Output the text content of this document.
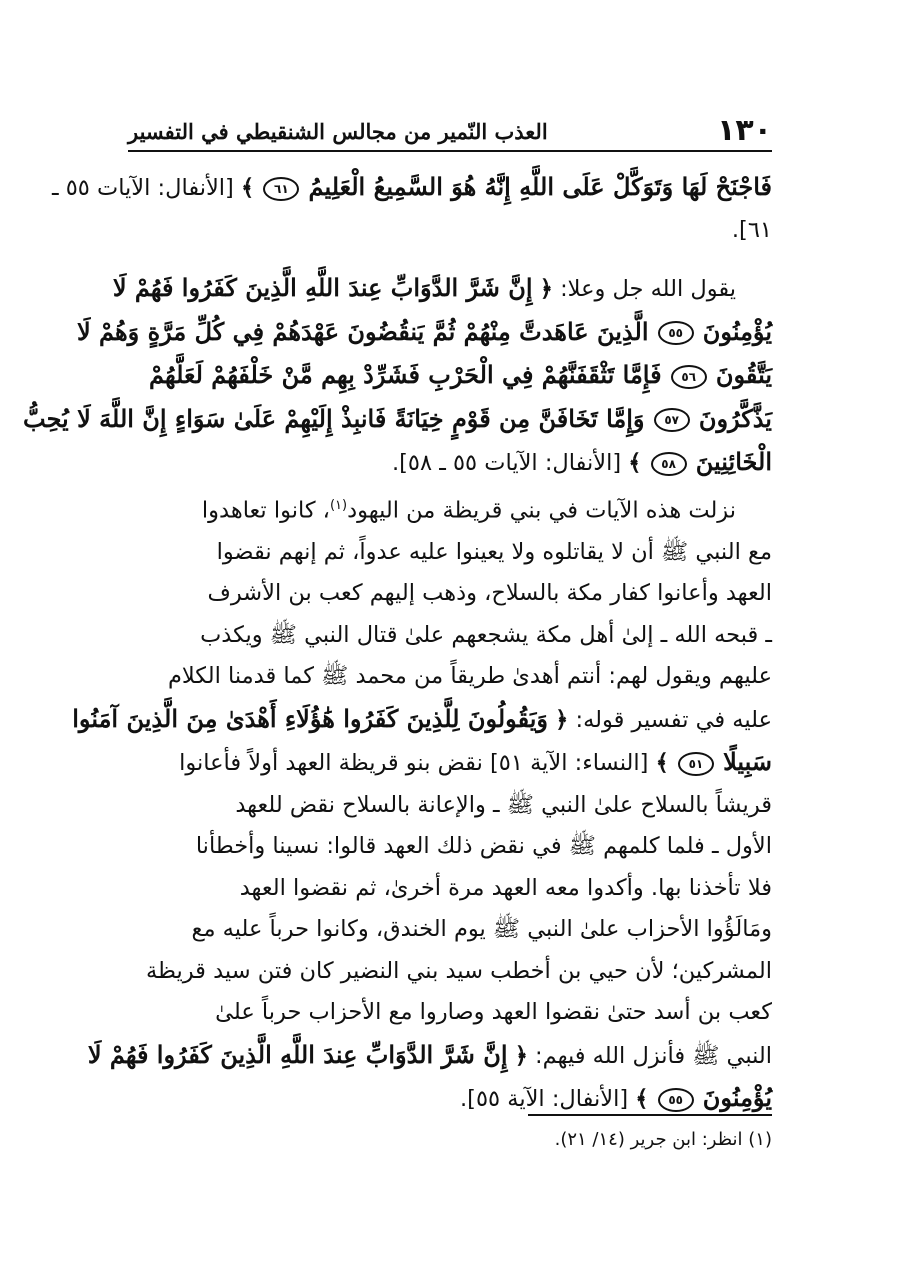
١٣٠
العذب النّمير من مجالس الشنقيطي في التفسير

فَاجْنَحْ لَهَا وَتَوَكَّلْ عَلَى اللَّهِ إِنَّهُ هُوَ السَّمِيعُ الْعَلِيمُ ٦١ ﴾ [الأنفال: الآيات ٥٥ ـ
٦١].

يقول الله جل وعلا: ﴿ إِنَّ شَرَّ الدَّوَابِّ عِندَ اللَّهِ الَّذِينَ كَفَرُوا فَهُمْ لَا
يُؤْمِنُونَ ٥٥ الَّذِينَ عَاهَدتَّ مِنْهُمْ ثُمَّ يَنقُضُونَ عَهْدَهُمْ فِي كُلِّ مَرَّةٍ وَهُمْ لَا
يَتَّقُونَ ٥٦ فَإِمَّا تَثْقَفَنَّهُمْ فِي الْحَرْبِ فَشَرِّدْ بِهِم مَّنْ خَلْفَهُمْ لَعَلَّهُمْ
يَذَّكَّرُونَ ٥٧ وَإِمَّا تَخَافَنَّ مِن قَوْمٍ خِيَانَةً فَانبِذْ إِلَيْهِمْ عَلَىٰ سَوَاءٍ إِنَّ اللَّهَ لَا يُحِبُّ
الْخَائِنِينَ ٥٨ ﴾ [الأنفال: الآيات ٥٥ ـ ٥٨].

نزلت هذه الآيات في بني قريظة من اليهود$^{(١)}$، كانوا تعاهدوا
مع النبي ﷺ أن لا يقاتلوه ولا يعينوا عليه عدواً، ثم إنهم نقضوا
العهد وأعانوا كفار مكة بالسلاح، وذهب إليهم كعب بن الأشرف
ـ قبحه الله ـ إلىٰ أهل مكة يشجعهم علىٰ قتال النبي ﷺ ويكذب
عليهم ويقول لهم: أنتم أهدىٰ طريقاً من محمد ﷺ كما قدمنا الكلام
عليه في تفسير قوله: ﴿ وَيَقُولُونَ لِلَّذِينَ كَفَرُوا هَٰؤُلَاءِ أَهْدَىٰ مِنَ الَّذِينَ آمَنُوا
سَبِيلًا ٥١ ﴾ [النساء: الآية ٥١] نقض بنو قريظة العهد أولاً فأعانوا
قريشاً بالسلاح علىٰ النبي ﷺ ـ والإعانة بالسلاح نقض للعهد
الأول ـ فلما كلمهم ﷺ في نقض ذلك العهد قالوا: نسينا وأخطأنا
فلا تأخذنا بها. وأكدوا معه العهد مرة أخرىٰ، ثم نقضوا العهد
ومَالَؤُوا الأحزاب علىٰ النبي ﷺ يوم الخندق، وكانوا حرباً عليه مع
المشركين؛ لأن حيي بن أخطب سيد بني النضير كان فتن سيد قريظة
كعب بن أسد حتىٰ نقضوا العهد وصاروا مع الأحزاب حرباً علىٰ
النبي ﷺ فأنزل الله فيهم: ﴿ إِنَّ شَرَّ الدَّوَابِّ عِندَ اللَّهِ الَّذِينَ كَفَرُوا فَهُمْ لَا
يُؤْمِنُونَ ٥٥ ﴾ [الأنفال: الآية ٥٥].

(١) انظر: ابن جرير (١٤/ ٢١).
